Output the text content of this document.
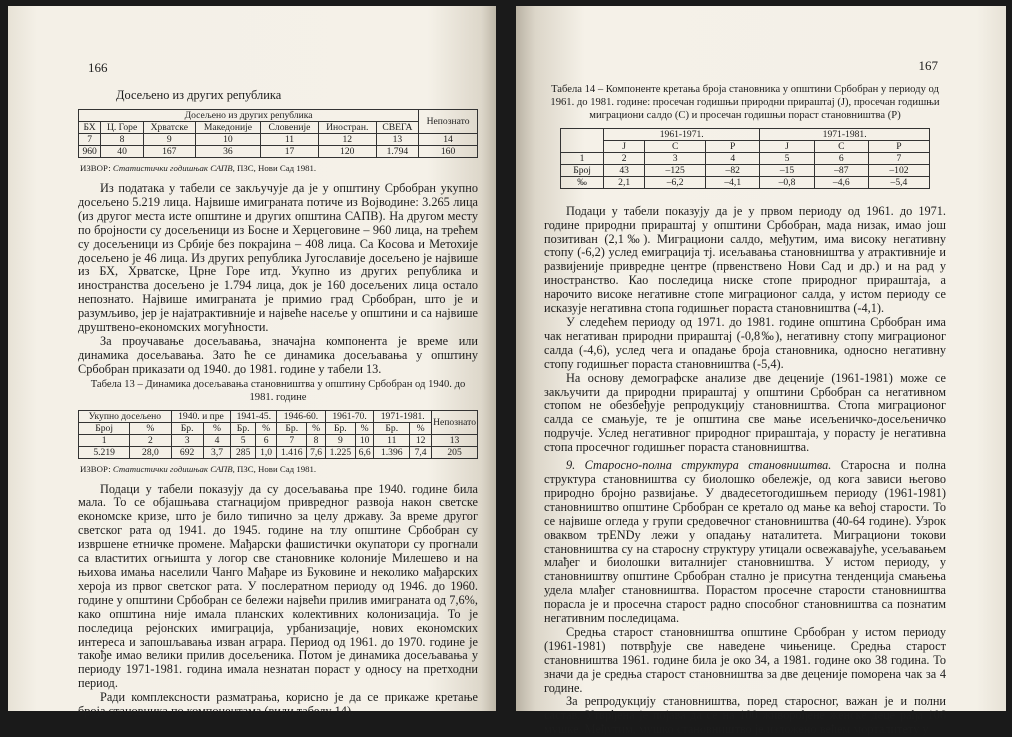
166
Досељено из других република
Досељено из других република							Непознато
БХ	Ц. Горе	Хрватске	Македоније	Словеније	Иностран.	СВЕГА	
7	8	9	10	11	12	13	14
960	40	167	36	17	120	1.794	160
ИЗВОР: Статистички годишњак САПВ, ПЗС, Нови Сад 1981.

Из података у табели се закључује да је у општину Србобран укупно досељено 5.219 лица. Највише имиграната потиче из Војводине: 3.265 лица (из другог места исте општине и других општина САПВ). На другом месту по бројности су досељеници из Босне и Херцеговине – 960 лица, на трећем су досељеници из Србије без покрајина – 408 лица. Са Косова и Метохије досељено је 46 лица. Из других република Југославије досељено је највише из БХ, Хрватске, Црне Горе итд. Укупно из других република и иностранства досељено је 1.794 лица, док је 160 досељених лица остало непознато. Највише имиграната је примио град Србобран, што је и разумљиво, јер је најатрактивније и највеће насеље у општини и са највише друштвено-економских могућности.

За проучавање досељавања, значајна компонента је време или динамика досељавања. Зато ће се динамика досељавања у општину Србобран приказати од 1940. до 1981. године у табели 13.

Табела 13 – Динамика досељавања становништва у општину Србобран од 1940. до 1981. године
Укупно досељено		1940. и пре		1941-45.		1946-60.		1961-70.		1971-1981.		Непознато
Број	%	Бр.	%	Бр.	%	Бр.	%	Бр.	%	Бр.	%	
1	2	3	4	5	6	7	8	9	10	11	12	13
5.219	28,0	692	3,7	285	1,0	1.416	7,6	1.225	6,6	1.396	7,4	205
ИЗВОР: Статистички годишњак САПВ, ПЗС, Нови Сад 1981.

Подаци у табели показују да су досељавања пре 1940. године била мала. То се објашњава стагнацијом привредног развоја након светске економске кризе, што је било типично за целу државу. За време другог светског рата од 1941. до 1945. године на тлу општине Србобран су извршене етничке промене. Мађарски фашистички окупатори су прогнали са властитих огњишта у логор све становнике колоније Милешево и на њихова имања населили Чанго Мађаре из Буковине и неколико мађарских хероја из првог светског рата. У послератном периоду од 1946. до 1960. године у општини Србобран се бележи највећи прилив имиграната од 7,6%, како општина није имала планских колективних колонизација. То је последица рејонских имиграција, урбанизације, нових економских интереса и запошљавања изван аграра. Период од 1961. до 1970. године је такође имао велики прилив досељеника. Потом је динамика досељавања у периоду 1971-1981. година имала незнатан пораст у односу на претходни период.

Ради комплексности разматрања, корисно је да се прикаже кретање броја становника по компонентама (види табелу 14).

167
Табела 14 – Компоненте кретања броја становника у општини Србобран у периоду од 1961. до 1981. године: просечан годишњи природни прираштај (Ј), просечан годишњи миграциони салдо (С) и просечан годишњи пораст становништва (Р)
	1961-1971.			1971-1981.		
	Ј	С	Р	Ј	С	Р
1	2	3	4	5	6	7
Број	43	–125	–82	–15	–87	–102
‰	2,1	–6,2	–4,1	–0,8	–4,6	–5,4

Подаци у табели показују да је у првом периоду од 1961. до 1971. године природни прираштај у општини Србобран, мада низак, имао још позитиван (2,1‰). Миграциони салдо, међутим, има високу негативну стопу (-6,2) услед емиграција тј. исељавања становништва у атрактивније и развијеније привредне центре (првенствено Нови Сад и др.) и на рад у иностранство. Као последица ниске стопе природног прираштаја, а нарочито високе негативне стопе миграционог салда, у истом периоду се исказује негативна стопа годишњег пораста становништва (-4,1).

У следећем периоду од 1971. до 1981. године општина Србобран има чак негативан природни прираштај (-0,8‰), негативну стопу миграционог салда (-4,6), услед чега и опадање броја становника, односно негативну стопу годишњег пораста становништва (-5,4).

На основу демографске анализе две деценије (1961-1981) може се закључити да природни прираштај у општини Србобран са негативном стопом не обезбеђује репродукцију становништва. Стопа миграционог салда се смањује, те је општина све мање исељеничко-досељеничко подручје. Услед негативног природног прираштаја, у порасту је негативна стопа просечног годишњег пораста становништва.

9. Старосно-полна структура становништва. Старосна и полна структура становништва су биолошко обележје, од кога зависи његово природно бројно развијање. У двадесетогодишњем периоду (1961-1981) становништво општине Србобран се кретало од мање ка већој старости. То се највише огледа у групи средовечног становништва (40-64 године). Узрок оваквом трENDу лежи у опадању наталитета. Миграциони токови становништва су на старосну структуру утицали освежавајуће, усељавањем млађег и биолошки виталнијег становништва. У истом периоду, у становништву општине Србобран стално је присутна тенденција смањења удела млађег становништва. Порастом просечне старости становништва порасла је и просечна старост радно способног становништва са познатим негативним последицама.

Средња старост становништва општине Србобран у истом периоду (1961-1981) потврђује све наведене чињенице. Средња старост становништва 1961. године била је око 34, а 1981. године око 38 година. То значи да је средња старост становништва за две деценије поморена чак за 4 године.

За репродукцију становништва, поред старосног, важан је и полни састав. Утврђена је појава да се на 100 живорођене женске деце рађа 106 мушке. Међутим, мушко становништво је изложено већем морталитету у
